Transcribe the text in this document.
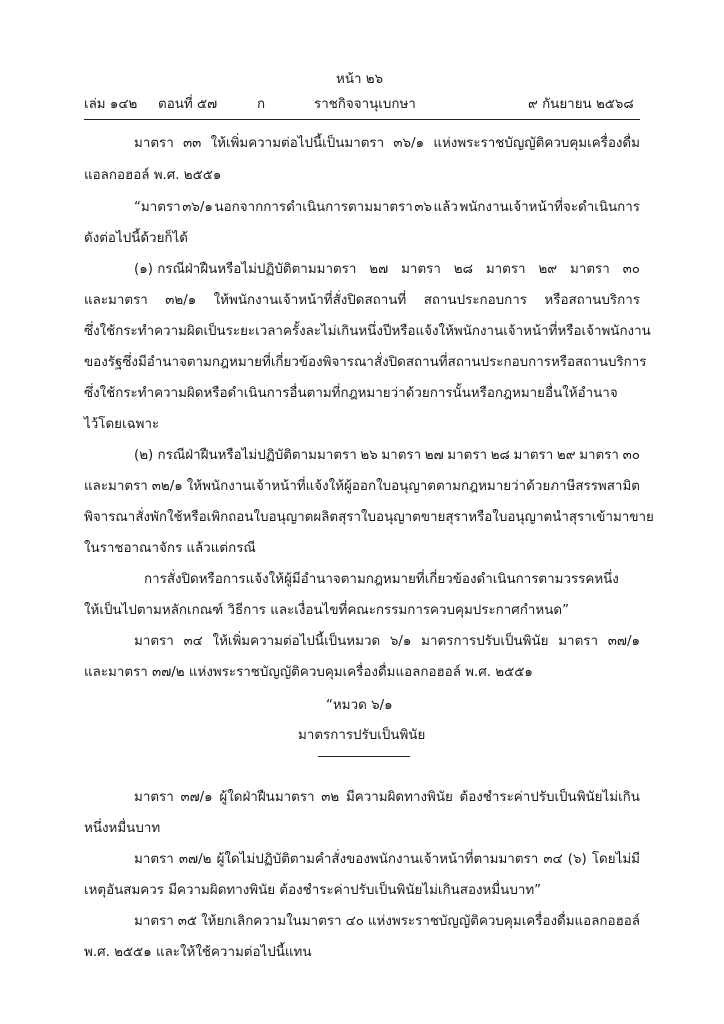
หน้า ๒๖
เล่ม ๑๔๒ ตอนที่ ๕๗	ก	ราชกิจจานุเบกษา	๙ กันยายน ๒๕๖๘
มาตรา ๓๓ ให้เพิ่มความต่อไปนี้เป็นมาตรา ๓๖/๑ แห่งพระราชบัญญัติควบคุมเครื่องดื่ม
แอลกอฮอล์ พ.ศ. ๒๕๕๑
“มาตรา ๓๖/๑ นอกจากการดำเนินการตามมาตรา ๓๖ แล้ว พนักงานเจ้าหน้าที่จะดำเนินการ
ดังต่อไปนี้ด้วยก็ได้
(๑) กรณีฝ่าฝืนหรือไม่ปฏิบัติตามมาตรา ๒๗ มาตรา ๒๘ มาตรา ๒๙ มาตรา ๓๐
และมาตรา ๓๒/๑ ให้พนักงานเจ้าหน้าที่สั่งปิดสถานที่ สถานประกอบการ หรือสถานบริการ
ซึ่งใช้กระทำความผิด เป็นระยะเวลาครั้งละไม่เกินหนึ่งปี หรือแจ้งให้พนักงานเจ้าหน้าที่หรือเจ้าพนักงาน
ของรัฐซึ่งมีอำนาจตามกฎหมายที่เกี่ยวข้องพิจารณาสั่งปิดสถานที่ สถานประกอบการ หรือสถานบริการ
ซึ่งใช้กระทำความผิดหรือดำเนินการอื่นตามที่กฎหมายว่าด้วยการนั้นหรือกฎหมายอื่นให้อำนาจ
ไว้โดยเฉพาะ
(๒) กรณีฝ่าฝืนหรือไม่ปฏิบัติตามมาตรา ๒๖ มาตรา ๒๗ มาตรา ๒๘ มาตรา ๒๙ มาตรา ๓๐
และมาตรา ๓๒/๑ ให้พนักงานเจ้าหน้าที่แจ้งให้ผู้ออกใบอนุญาตตามกฎหมายว่าด้วยภาษีสรรพสามิต
พิจารณาสั่งพักใช้หรือเพิกถอน ใบอนุญาตผลิตสุรา ใบอนุญาตขายสุรา หรือใบอนุญาตนำสุราเข้ามาขาย
ในราชอาณาจักร แล้วแต่กรณี
การสั่งปิดหรือการแจ้งให้ผู้มีอำนาจตามกฎหมายที่เกี่ยวข้องดำเนินการตามวรรคหนึ่ง
ให้เป็นไปตามหลักเกณฑ์ วิธีการ และเงื่อนไขที่คณะกรรมการควบคุมประกาศกำหนด”
มาตรา ๓๔ ให้เพิ่มความต่อไปนี้เป็นหมวด ๖/๑ มาตรการปรับเป็นพินัย มาตรา ๓๗/๑
และมาตรา ๓๗/๒ แห่งพระราชบัญญัติควบคุมเครื่องดื่มแอลกอฮอล์ พ.ศ. ๒๕๕๑
“หมวด ๖/๑
มาตรการปรับเป็นพินัย
มาตรา ๓๗/๑ ผู้ใดฝ่าฝืนมาตรา ๓๒ มีความผิดทางพินัย ต้องชำระค่าปรับเป็นพินัยไม่เกิน
หนึ่งหมื่นบาท
มาตรา ๓๗/๒ ผู้ใดไม่ปฏิบัติตามคำสั่งของพนักงานเจ้าหน้าที่ตามมาตรา ๓๔ (๖) โดยไม่มี
เหตุอันสมควร มีความผิดทางพินัย ต้องชำระค่าปรับเป็นพินัยไม่เกินสองหมื่นบาท”
มาตรา ๓๕ ให้ยกเลิกความในมาตรา ๔๐ แห่งพระราชบัญญัติควบคุมเครื่องดื่มแอลกอฮอล์
พ.ศ. ๒๕๕๑ และให้ใช้ความต่อไปนี้แทน
